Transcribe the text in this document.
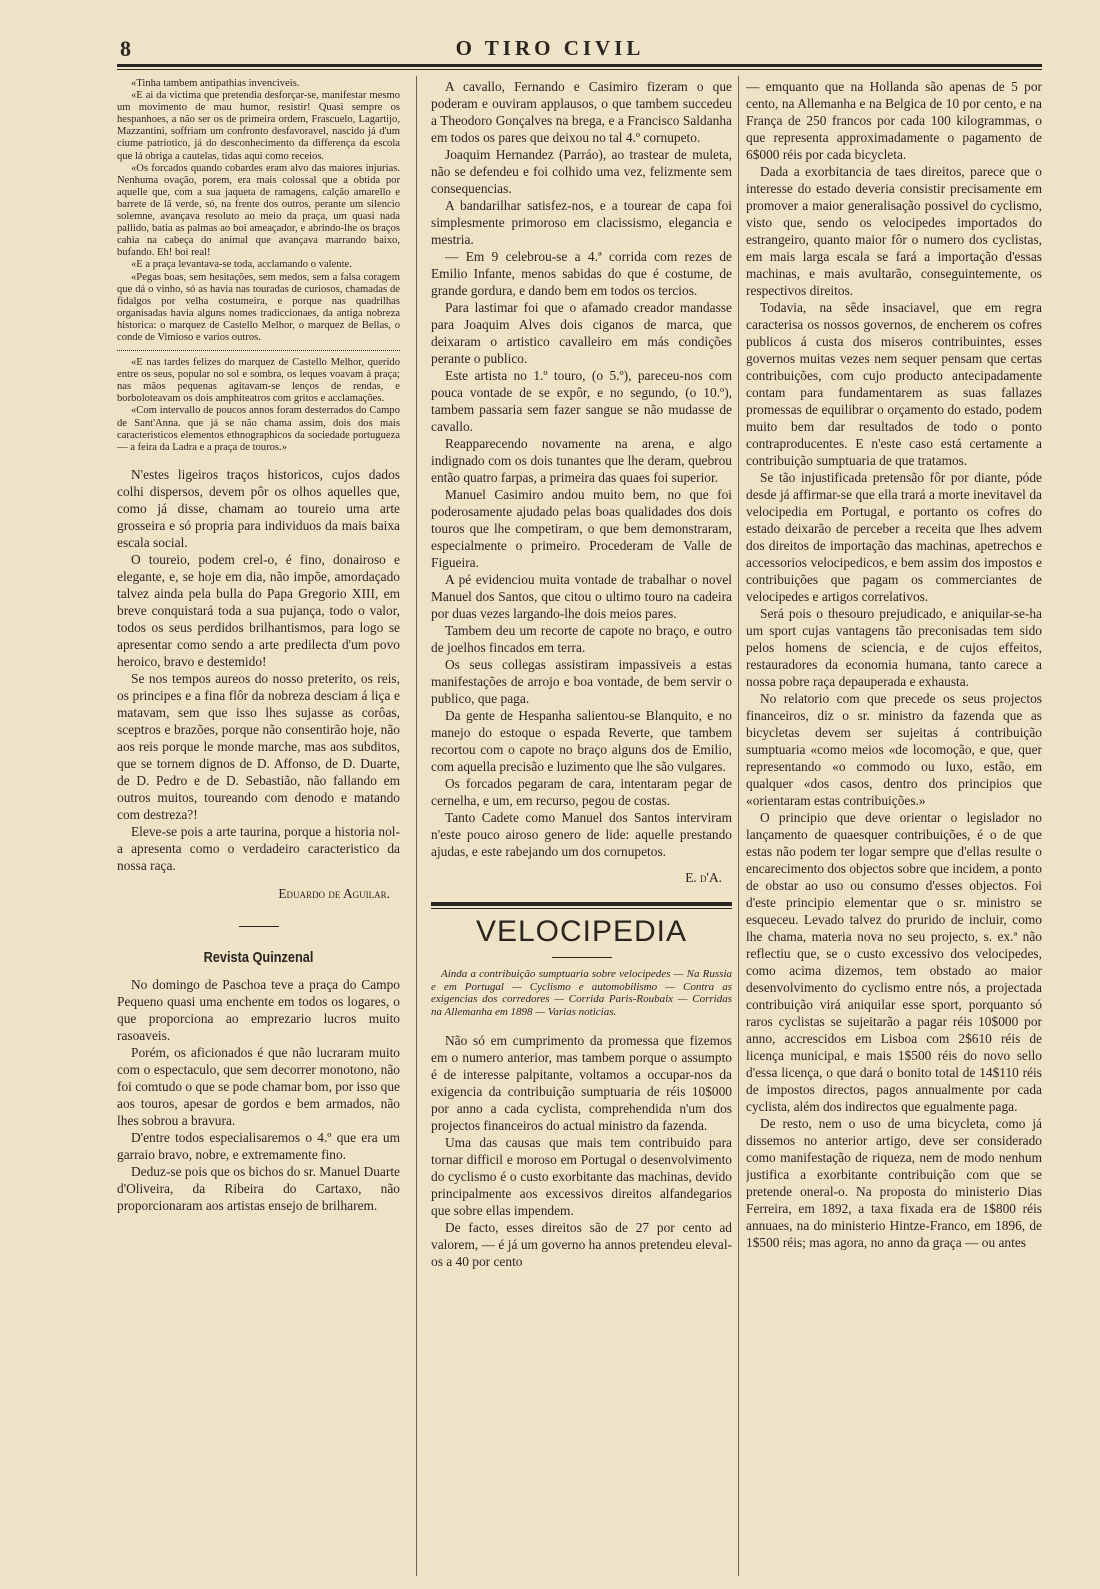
8	O TIRO CIVIL

«Tinha tambem antipathias invenciveis.

«E ai da victima que pretendia desforçar-se, manifestar mesmo um movimento de mau humor, resistir! Quasi sempre os hespanhoes, a não ser os de primeira ordem, Frascuelo, Lagartijo, Mazzantini, soffriam um confronto desfavoravel, nascido já d'um ciume patriotico, já do desconhecimento da differença da escola que lá obriga a cautelas, tidas aqui como receios.

«Os forcados quando cobardes eram alvo das maiores injurias. Nenhuma ovação, porem, era mais colossal que a obtida por aquelle que, com a sua jaqueta de ramagens, calção amarello e barrete de lã verde, só, na frente dos outros, perante um silencio solemne, avançava resoluto ao meio da praça, um quasi nada pallido, batia as palmas ao boi ameaçador, e abrindo-lhe os braços cahia na cabeça do animal que avançava marrando baixo, bufando. Eh! boi real!

«E a praça levantava-se toda, acclamando o valente.

«Pegas boas, sem hesitações, sem medos, sem a falsa coragem que dá o vinho, só as havia nas touradas de curiosos, chamadas de fidalgos por velha costumeira, e porque nas quadrilhas organisadas havia alguns nomes tradiccionaes, da antiga nobreza historica: o marquez de Castello Melhor, o marquez de Bellas, o conde de Vimioso e varios outros.

«E nas tardes felizes do marquez de Castello Melhor, querido entre os seus, popular no sol e sombra, os leques voavam á praça; nas mãos pequenas agitavam-se lenços de rendas, e borboloteavam os dois amphiteatros com gritos e acclamações.

«Com intervallo de poucos annos foram desterrados do Campo de Sant'Anna. que já se não chama assim, dois dos mais caracteristicos elementos ethnographicos da sociedade portugueza — a feira da Ladra e a praça de touros.»

N'estes ligeiros traços historicos, cujos dados colhi dispersos, devem pôr os olhos aquelles que, como já disse, chamam ao toureio uma arte grosseira e só propria para individuos da mais baixa escala social.

O toureio, podem crel-o, é fino, donairoso e elegante, e, se hoje em dia, não impõe, amordaçado talvez ainda pela bulla do Papa Gregorio XIII, em breve conquistará toda a sua pujança, todo o valor, todos os seus perdidos brilhantismos, para logo se apresentar como sendo a arte predilecta d'um povo heroico, bravo e destemido!

Se nos tempos aureos do nosso preterito, os reis, os principes e a fina flôr da nobreza desciam á liça e matavam, sem que isso lhes sujasse as corôas, sceptros e brazões, porque não consentirão hoje, não aos reis porque le monde marche, mas aos subditos, que se tornem dignos de D. Affonso, de D. Duarte, de D. Pedro e de D. Sebastião, não fallando em outros muitos, toureando com denodo e matando com destreza?!

Eleve-se pois a arte taurina, porque a historia nol-a apresenta como o verdadeiro caracteristico da nossa raça.

Eduardo de Aguilar.
Revista Quinzenal

No domingo de Paschoa teve a praça do Campo Pequeno quasi uma enchente em todos os logares, o que proporciona ao emprezario lucros muito rasoaveis.

Porém, os aficionados é que não lucraram muito com o espectaculo, que sem decorrer monotono, não foi comtudo o que se pode chamar bom, por isso que aos touros, apesar de gordos e bem armados, não lhes sobrou a bravura.

D'entre todos especialisaremos o 4.º que era um garraio bravo, nobre, e extremamente fino.

Deduz-se pois que os bichos do sr. Manuel Duarte d'Oliveira, da Ribeira do Cartaxo, não proporcionaram aos artistas ensejo de brilharem.

A cavallo, Fernando e Casimiro fizeram o que poderam e ouviram applausos, o que tambem succedeu a Theodoro Gonçalves na brega, e a Francisco Saldanha em todos os pares que deixou no tal 4.º cornupeto.

Joaquim Hernandez (Parráo), ao trastear de muleta, não se defendeu e foi colhido uma vez, felizmente sem consequencias.

A bandarilhar satisfez-nos, e a tourear de capa foi simplesmente primoroso em clacissismo, elegancia e mestria.

— Em 9 celebrou-se a 4.ª corrida com rezes de Emilio Infante, menos sabidas do que é costume, de grande gordura, e dando bem em todos os tercios.

Para lastimar foi que o afamado creador mandasse para Joaquim Alves dois ciganos de marca, que deixaram o artistico cavalleiro em más condições perante o publico.

Este artista no 1.º touro, (o 5.º), pareceu-nos com pouca vontade de se expôr, e no segundo, (o 10.º), tambem passaria sem fazer sangue se não mudasse de cavallo.

Reapparecendo novamente na arena, e algo indignado com os dois tunantes que lhe deram, quebrou então quatro farpas, a primeira das quaes foi superior.

Manuel Casimiro andou muito bem, no que foi poderosamente ajudado pelas boas qualidades dos dois touros que lhe competiram, o que bem demonstraram, especialmente o primeiro. Procederam de Valle de Figueira.

A pé evidenciou muita vontade de trabalhar o novel Manuel dos Santos, que citou o ultimo touro na cadeira por duas vezes largando-lhe dois meios pares.

Tambem deu um recorte de capote no braço, e outro de joelhos fincados em terra.

Os seus collegas assistiram impassiveis a estas manifestações de arrojo e boa vontade, de bem servir o publico, que paga.

Da gente de Hespanha salientou-se Blanquito, e no manejo do estoque o espada Reverte, que tambem recortou com o capote no braço alguns dos de Emilio, com aquella precisão e luzimento que lhe são vulgares.

Os forcados pegaram de cara, intentaram pegar de cernelha, e um, em recurso, pegou de costas.

Tanto Cadete como Manuel dos Santos interviram n'este pouco airoso genero de lide: aquelle prestando ajudas, e este rabejando um dos cornupetos.

E. d'A.
VELOCIPEDIA
Ainda a contribuição sumptuaria sobre velocipedes — Na Russia e em Portugal — Cyclismo e automobilismo — Contra as exigencias dos corredores — Corrida Paris-Roubaix — Corridas na Allemanha em 1898 — Varias noticias.

Não só em cumprimento da promessa que fizemos em o numero anterior, mas tambem porque o assumpto é de interesse palpitante, voltamos a occupar-nos da exigencia da contribuição sumptuaria de réis 10$000 por anno a cada cyclista, comprehendida n'um dos projectos financeiros do actual ministro da fazenda.

Uma das causas que mais tem contribuido para tornar difficil e moroso em Portugal o desenvolvimento do cyclismo é o custo exorbitante das machinas, devido principalmente aos excessivos direitos alfandegarios que sobre ellas impendem.

De facto, esses direitos são de 27 por cento ad valorem, — é já um governo ha annos pretendeu eleval-os a 40 por cento

— emquanto que na Hollanda são apenas de 5 por cento, na Allemanha e na Belgica de 10 por cento, e na França de 250 francos por cada 100 kilogrammas, o que representa approximadamente o pagamento de 6$000 réis por cada bicycleta.

Dada a exorbitancia de taes direitos, parece que o interesse do estado deveria consistir precisamente em promover a maior generalisação possivel do cyclismo, visto que, sendo os velocipedes importados do estrangeiro, quanto maior fôr o numero dos cyclistas, em mais larga escala se fará a importação d'essas machinas, e mais avultarão, conseguintemente, os respectivos direitos.

Todavia, na sêde insaciavel, que em regra caracterisa os nossos governos, de encherem os cofres publicos á custa dos miseros contribuintes, esses governos muitas vezes nem sequer pensam que certas contribuições, com cujo producto antecipadamente contam para fundamentarem as suas fallazes promessas de equilibrar o orçamento do estado, podem muito bem dar resultados de todo o ponto contraproducentes. E n'este caso está certamente a contribuição sumptuaria de que tratamos.

Se tão injustificada pretensão fôr por diante, póde desde já affirmar-se que ella trará a morte inevitavel da velocipedia em Portugal, e portanto os cofres do estado deixarão de perceber a receita que lhes advem dos direitos de importação das machinas, apetrechos e accessorios velocipedicos, e bem assim dos impostos e contribuições que pagam os commerciantes de velocipedes e artigos correlativos.

Será pois o thesouro prejudicado, e aniquilar-se-ha um sport cujas vantagens tão preconisadas tem sido pelos homens de sciencia, e de cujos effeitos, restauradores da economia humana, tanto carece a nossa pobre raça depauperada e exhausta.

No relatorio com que precede os seus projectos financeiros, diz o sr. ministro da fazenda que as bicycletas devem ser sujeitas á contribuição sumptuaria «como meios «de locomoção, e que, quer representando «o commodo ou luxo, estão, em qualquer «dos casos, dentro dos principios que «orientaram estas contribuições.»

O principio que deve orientar o legislador no lançamento de quaesquer contribuições, é o de que estas não podem ter logar sempre que d'ellas resulte o encarecimento dos objectos sobre que incidem, a ponto de obstar ao uso ou consumo d'esses objectos. Foi d'este principio elementar que o sr. ministro se esqueceu. Levado talvez do prurido de incluir, como lhe chama, materia nova no seu projecto, s. ex.ª não reflectiu que, se o custo excessivo dos velocipedes, como acima dizemos, tem obstado ao maior desenvolvimento do cyclismo entre nós, a projectada contribuição virá aniquilar esse sport, porquanto só raros cyclistas se sujeitarão a pagar réis 10$000 por anno, accrescidos em Lisboa com 2$610 réis de licença municipal, e mais 1$500 réis do novo sello d'essa licença, o que dará o bonito total de 14$110 réis de impostos directos, pagos annualmente por cada cyclista, além dos indirectos que egualmente paga.

De resto, nem o uso de uma bicycleta, como já dissemos no anterior artigo, deve ser considerado como manifestação de riqueza, nem de modo nenhum justifica a exorbitante contribuição com que se pretende oneral-o. Na proposta do ministerio Dias Ferreira, em 1892, a taxa fixada era de 1$800 réis annuaes, na do ministerio Hintze-Franco, em 1896, de 1$500 réis; mas agora, no anno da graça — ou antes
